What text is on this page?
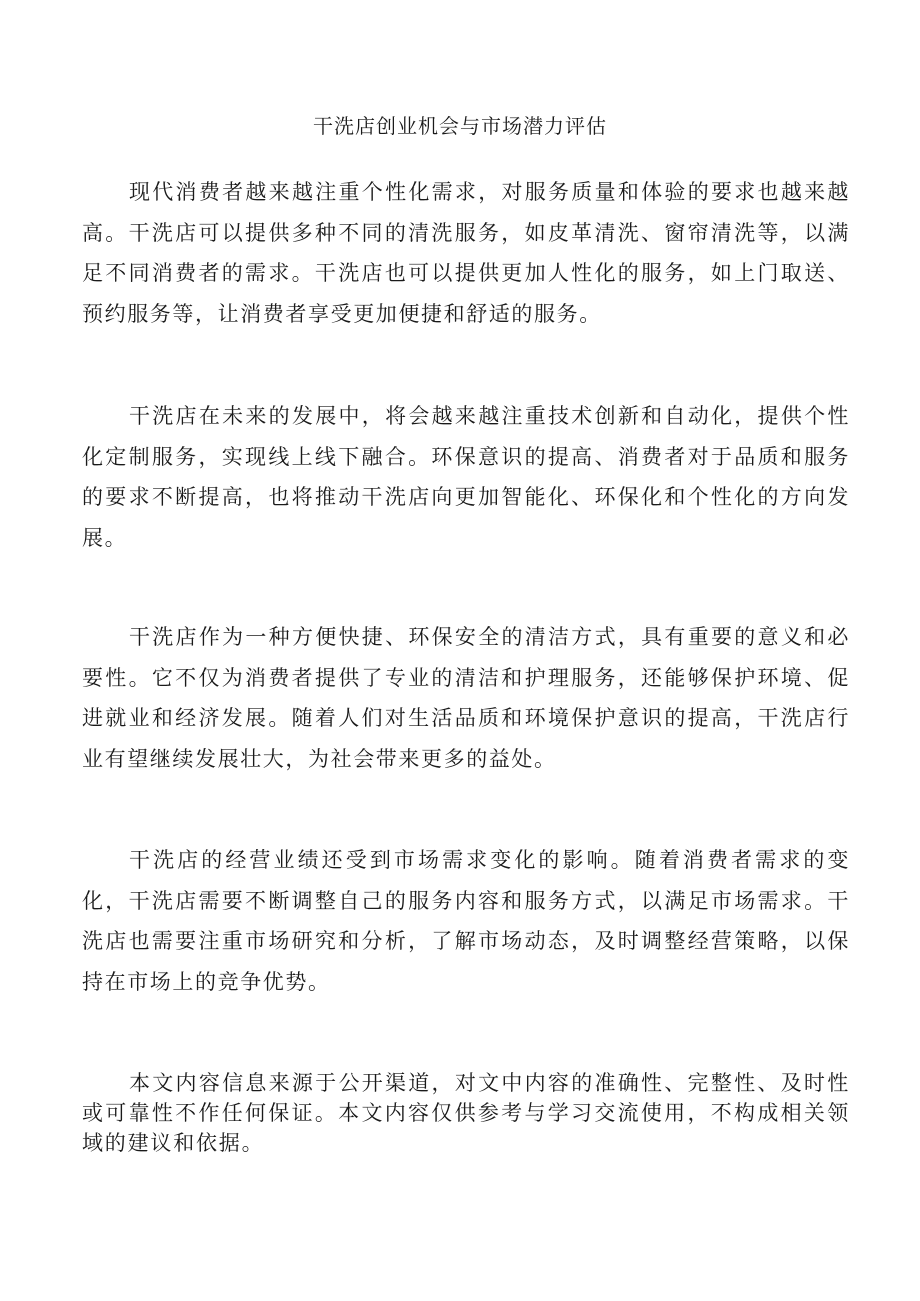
干洗店创业机会与市场潜力评估

现代消费者越来越注重个性化需求，对服务质量和体验的要求也越来越高。干洗店可以提供多种不同的清洗服务，如皮革清洗、窗帘清洗等，以满足不同消费者的需求。干洗店也可以提供更加人性化的服务，如上门取送、预约服务等，让消费者享受更加便捷和舒适的服务。

干洗店在未来的发展中，将会越来越注重技术创新和自动化，提供个性化定制服务，实现线上线下融合。环保意识的提高、消费者对于品质和服务的要求不断提高，也将推动干洗店向更加智能化、环保化和个性化的方向发展。

干洗店作为一种方便快捷、环保安全的清洁方式，具有重要的意义和必要性。它不仅为消费者提供了专业的清洁和护理服务，还能够保护环境、促进就业和经济发展。随着人们对生活品质和环境保护意识的提高，干洗店行业有望继续发展壮大，为社会带来更多的益处。

干洗店的经营业绩还受到市场需求变化的影响。随着消费者需求的变化，干洗店需要不断调整自己的服务内容和服务方式，以满足市场需求。干洗店也需要注重市场研究和分析，了解市场动态，及时调整经营策略，以保持在市场上的竞争优势。

本文内容信息来源于公开渠道，对文中内容的准确性、完整性、及时性或可靠性不作任何保证。本文内容仅供参考与学习交流使用，不构成相关领域的建议和依据。
